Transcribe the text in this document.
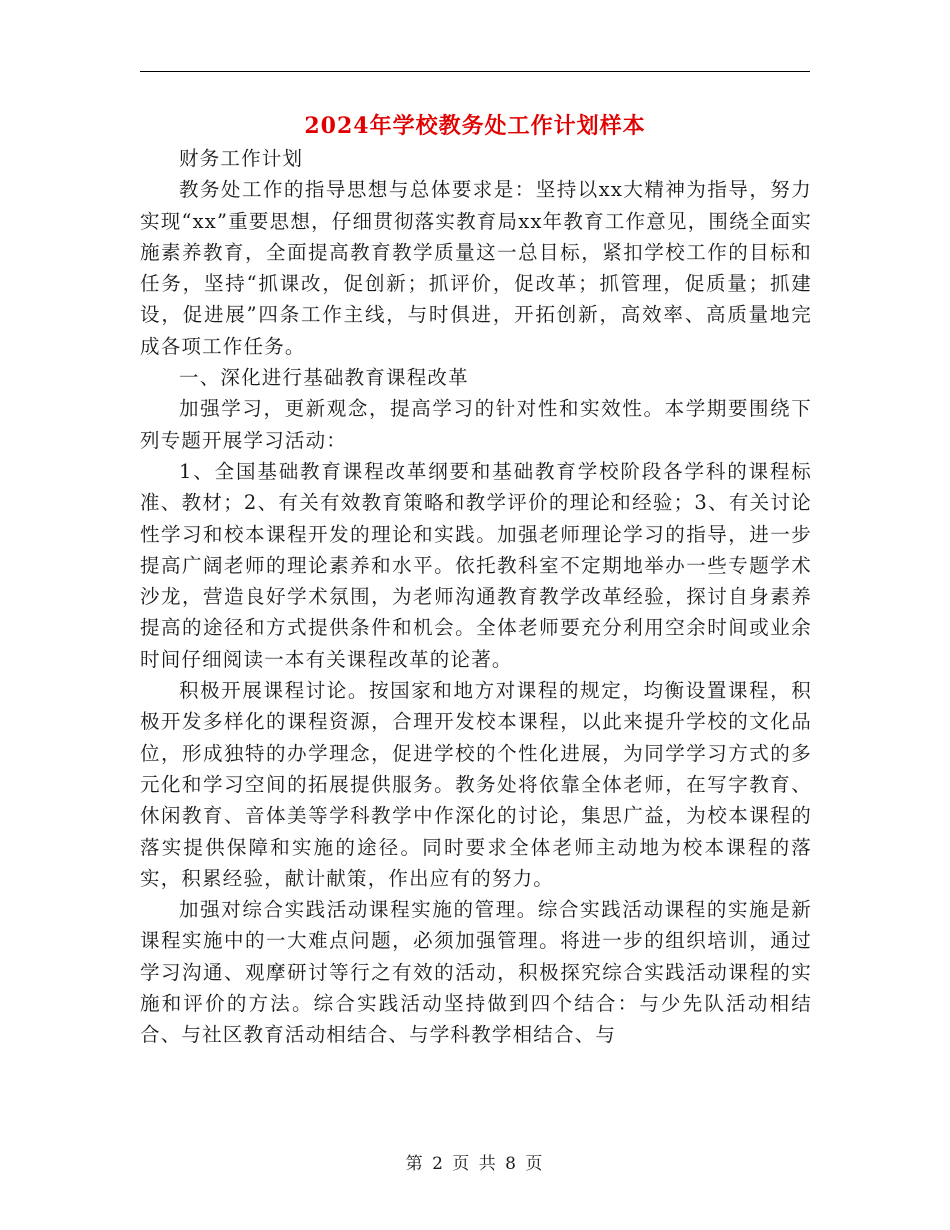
2024年学校教务处工作计划样本

财务工作计划

教务处工作的指导思想与总体要求是：坚持以xx大精神为指导，努力实现“xx”重要思想，仔细贯彻落实教育局xx年教育工作意见，围绕全面实施素养教育，全面提高教育教学质量这一总目标，紧扣学校工作的目标和任务，坚持“抓课改，促创新；抓评价，促改革；抓管理，促质量；抓建设，促进展”四条工作主线，与时俱进，开拓创新，高效率、高质量地完成各项工作任务。

一、深化进行基础教育课程改革

加强学习，更新观念，提高学习的针对性和实效性。本学期要围绕下列专题开展学习活动：

1、全国基础教育课程改革纲要和基础教育学校阶段各学科的课程标准、教材；2、有关有效教育策略和教学评价的理论和经验；3、有关讨论性学习和校本课程开发的理论和实践。加强老师理论学习的指导，进一步提高广阔老师的理论素养和水平。依托教科室不定期地举办一些专题学术沙龙，营造良好学术氛围，为老师沟通教育教学改革经验，探讨自身素养提高的途径和方式提供条件和机会。全体老师要充分利用空余时间或业余时间仔细阅读一本有关课程改革的论著。

积极开展课程讨论。按国家和地方对课程的规定，均衡设置课程，积极开发多样化的课程资源，合理开发校本课程，以此来提升学校的文化品位，形成独特的办学理念，促进学校的个性化进展，为同学学习方式的多元化和学习空间的拓展提供服务。教务处将依靠全体老师，在写字教育、休闲教育、音体美等学科教学中作深化的讨论，集思广益，为校本课程的落实提供保障和实施的途径。同时要求全体老师主动地为校本课程的落实，积累经验，献计献策，作出应有的努力。

加强对综合实践活动课程实施的管理。综合实践活动课程的实施是新课程实施中的一大难点问题，必须加强管理。将进一步的组织培训，通过学习沟通、观摩研讨等行之有效的活动，积极探究综合实践活动课程的实施和评价的方法。综合实践活动坚持做到四个结合：与少先队活动相结合、与社区教育活动相结合、与学科教学相结合、与

第 2 页 共 8 页
